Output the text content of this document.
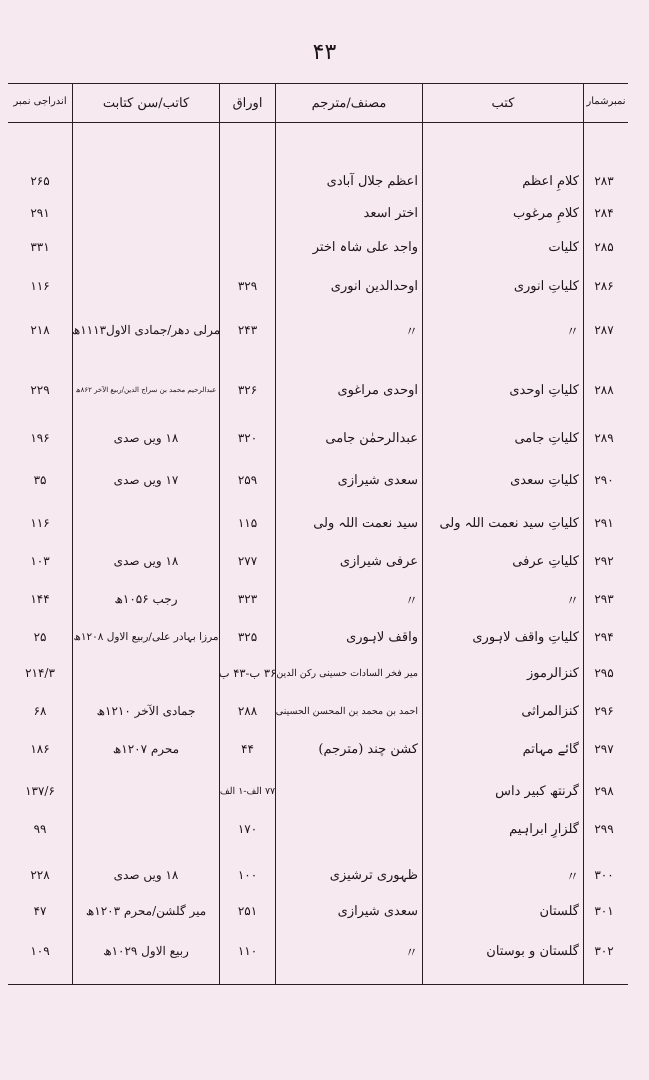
۴۳
نمبرشمار
کتب
مصنف/مترجم
اوراق
کاتب/سن کتابت
اندراجی نمبر
۲۸۳
کلامِ اعظم
اعظم جلال آبادی
۲۶۵
۲۸۴
کلامِ مرغوب
اختر اسعد
۲۹۱
۲۸۵
کلیات
واجد علی شاہ اختر
۳۳۱
۲۸۶
کلیاتِ انوری
اوحدالدین انوری
۳۲۹
۱۱۶
۲۸۷
〃
〃
۲۴۳
مرلی دھر/جمادی الاول۱۱۱۳ھ
۲۱۸
۲۸۸
کلیاتِ اوحدی
اوحدی مراغوی
۳۲۶
عبدالرحیم محمد بن سراج الدین/ربیع الآخر ۸۶۲ھ
۲۲۹
۲۸۹
کلیاتِ جامی
عبدالرحمٰن جامی
۳۲۰
۱۸ ویں صدی
۱۹۶
۲۹۰
کلیاتِ سعدی
سعدی شیرازی
۲۵۹
۱۷ ویں صدی
۳۵
۲۹۱
کلیاتِ سید نعمت اللہ ولی
سید نعمت اللہ ولی
۱۱۵
۱۱۶
۲۹۲
کلیاتِ عرفی
عرفی شیرازی
۲۷۷
۱۸ ویں صدی
۱۰۳
۲۹۳
〃
〃
۳۲۳
رجب ۱۰۵۶ھ
۱۴۴
۲۹۴
کلیاتِ واقف لاہوری
واقف لاہوری
۳۲۵
مرزا بہادر علی/ربیع الاول ۱۲۰۸ھ
۲۵
۲۹۵
کنزالرموز
میر فخر السادات حسینی رکن الدین
۳۶ ب-۴۳ ب
۲۱۴/۳
۲۹۶
کنزالمراثی
احمد بن محمد بن المحسن الحسینی
۲۸۸
جمادی الآخر ۱۲۱۰ھ
۶۸
۲۹۷
گائے مہاتم
کشن چند (مترجم)
۴۴
محرم ۱۲۰۷ھ
۱۸۶
۲۹۸
گرنتھ کبیر داس
۷۷ الف-۱ الف
۱۳۷/۶
۲۹۹
گلزارِ ابراہیم
۱۷۰
۹۹
۳۰۰
〃
ظہوری ترشیزی
۱۰۰
۱۸ ویں صدی
۲۲۸
۳۰۱
گلستان
سعدی شیرازی
۲۵۱
میر گلشن/محرم ۱۲۰۳ھ
۴۷
۳۰۲
گلستان و بوستان
〃
۱۱۰
ربیع الاول ۱۰۲۹ھ
۱۰۹
